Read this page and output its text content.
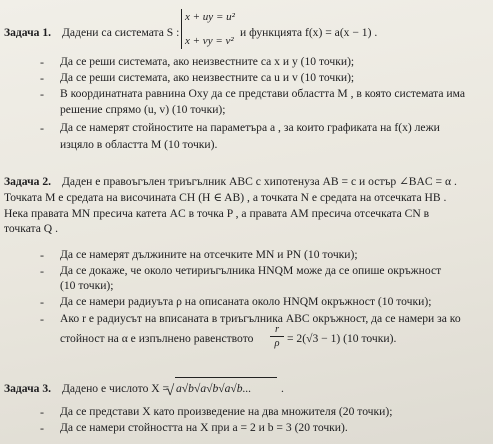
Задача 1. Дадени са системата S :
x + uy = u²
x + vy = v²
и функцията f(x) = a(x − 1) .
- Да се реши системата, ако неизвестните са x и y (10 точки);
- Да се реши системата, ако неизвестните са u и v (10 точки);
- В координатната равнина Oxy да се представи областта M , в която системата има
решение спрямо (u, v) (10 точки);
- Да се намерят стойностите на параметъра a , за които графиката на f(x) лежи
изцяло в областта M (10 точки).
Задача 2. Даден е правоъгълен триъгълник ABC с хипотенуза AB = c и остър ∠BAC = α .
Точката M е средата на височината CH (H ∈ AB) , а точката N е средата на отсечката HB .
Нека правата MN пресича катета AC в точка P , а правата AM пресича отсечката CN в
точката Q .
- Да се намерят дължините на отсечките MN и PN (10 точки);
- Да се докаже, че около четириъгълника HNQM може да се опише окръжност
(10 точки);
- Да се намери радиуъта ρ на описаната около HNQM окръжност (10 точки);
- Ако r е радиусът на вписаната в триъгълника ABC окръжност, да се намери за ко
стойност на α е изпълнено равенството
r
ρ = 2(√3 − 1) (10 точки).
Задача 3. Дадено е числото X =
√ a√b√a√b√a√b...	.
- Да се представи X като произведение на два множителя (20 точки);
- Да се намери стойността на X при a = 2 и b = 3 (20 точки).
